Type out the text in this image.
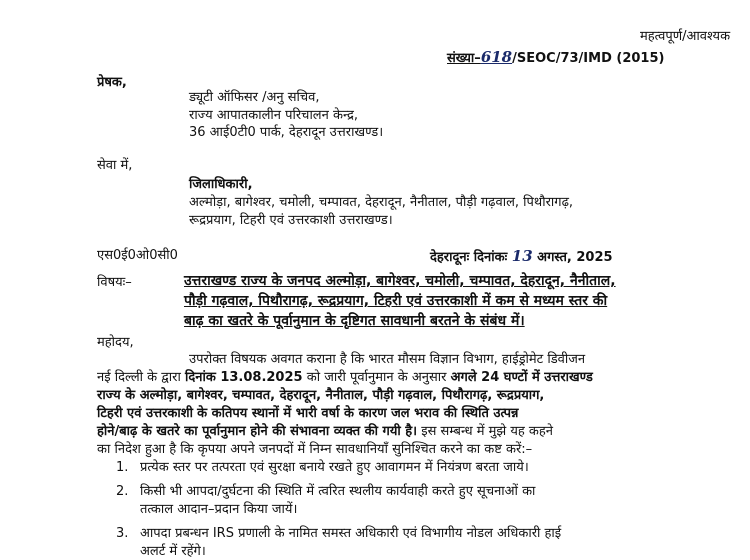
महत्वपूर्ण/आवश्यक
संख्या–618/SEOC/73/IMD (2015)
प्रेषक,
ड्यूटी ऑफिसर /अनु सचिव,
राज्य आपातकालीन परिचालन केन्द्र,
36 आई0टी0 पार्क, देहरादून उत्तराखण्ड।
सेवा में,
जिलाधिकारी,
अल्मोड़ा, बागेश्वर, चमोली, चम्पावत, देहरादून, नैनीताल, पौड़ी गढ़वाल, पिथौरागढ़,
रूद्रप्रयाग, टिहरी एवं उत्तरकाशी उत्तराखण्ड।
एस0ई0ओ0सी0	देहरादूनः दिनांकः 13 अगस्त, 2025
विषयः–	उत्तराखण्ड राज्य के जनपद अल्मोड़ा, बागेश्वर, चमोली, चम्पावत, देहरादून, नैनीताल,
पौड़ी गढ़वाल, पिथौरागढ़, रूद्रप्रयाग, टिहरी एवं उत्तरकाशी में कम से मध्यम स्तर की
बाढ़ का खतरे के पूर्वानुमान के दृष्टिगत सावधानी बरतने के संबंध में।
महोदय,
उपरोक्त विषयक अवगत कराना है कि भारत मौसम विज्ञान विभाग, हाईड्रोमेट डिवीजन
नई दिल्ली के द्वारा दिनांक 13.08.2025 को जारी पूर्वानुमान के अनुसार अगले 24 घण्टों में उत्तराखण्ड
राज्य के अल्मोड़ा, बागेश्वर, चम्पावत, देहरादून, नैनीताल, पौड़ी गढ़वाल, पिथौरागढ़, रूद्रप्रयाग,
टिहरी एवं उत्तरकाशी के कतिपय स्थानों में भारी वर्षा के कारण जल भराव की स्थिति उत्पन्न
होने/बाढ़ के खतरे का पूर्वानुमान होने की संभावना व्यक्त की गयी है। इस सम्बन्ध में मुझे यह कहने
का निदेश हुआ है कि कृपया अपने जनपदों में निम्न सावधानियाँ सुनिश्चित करने का कष्ट करें:–
1. प्रत्येक स्तर पर तत्परता एवं सुरक्षा बनाये रखते हुए आवागमन में नियंत्रण बरता जाये।
2. किसी भी आपदा/दुर्घटना की स्थिति में त्वरित स्थलीय कार्यवाही करते हुए सूचनाओं का
तत्काल आदान–प्रदान किया जायें।
3. आपदा प्रबन्धन IRS प्रणाली के नामित समस्त अधिकारी एवं विभागीय नोडल अधिकारी हाई
अलर्ट में रहेंगे।
